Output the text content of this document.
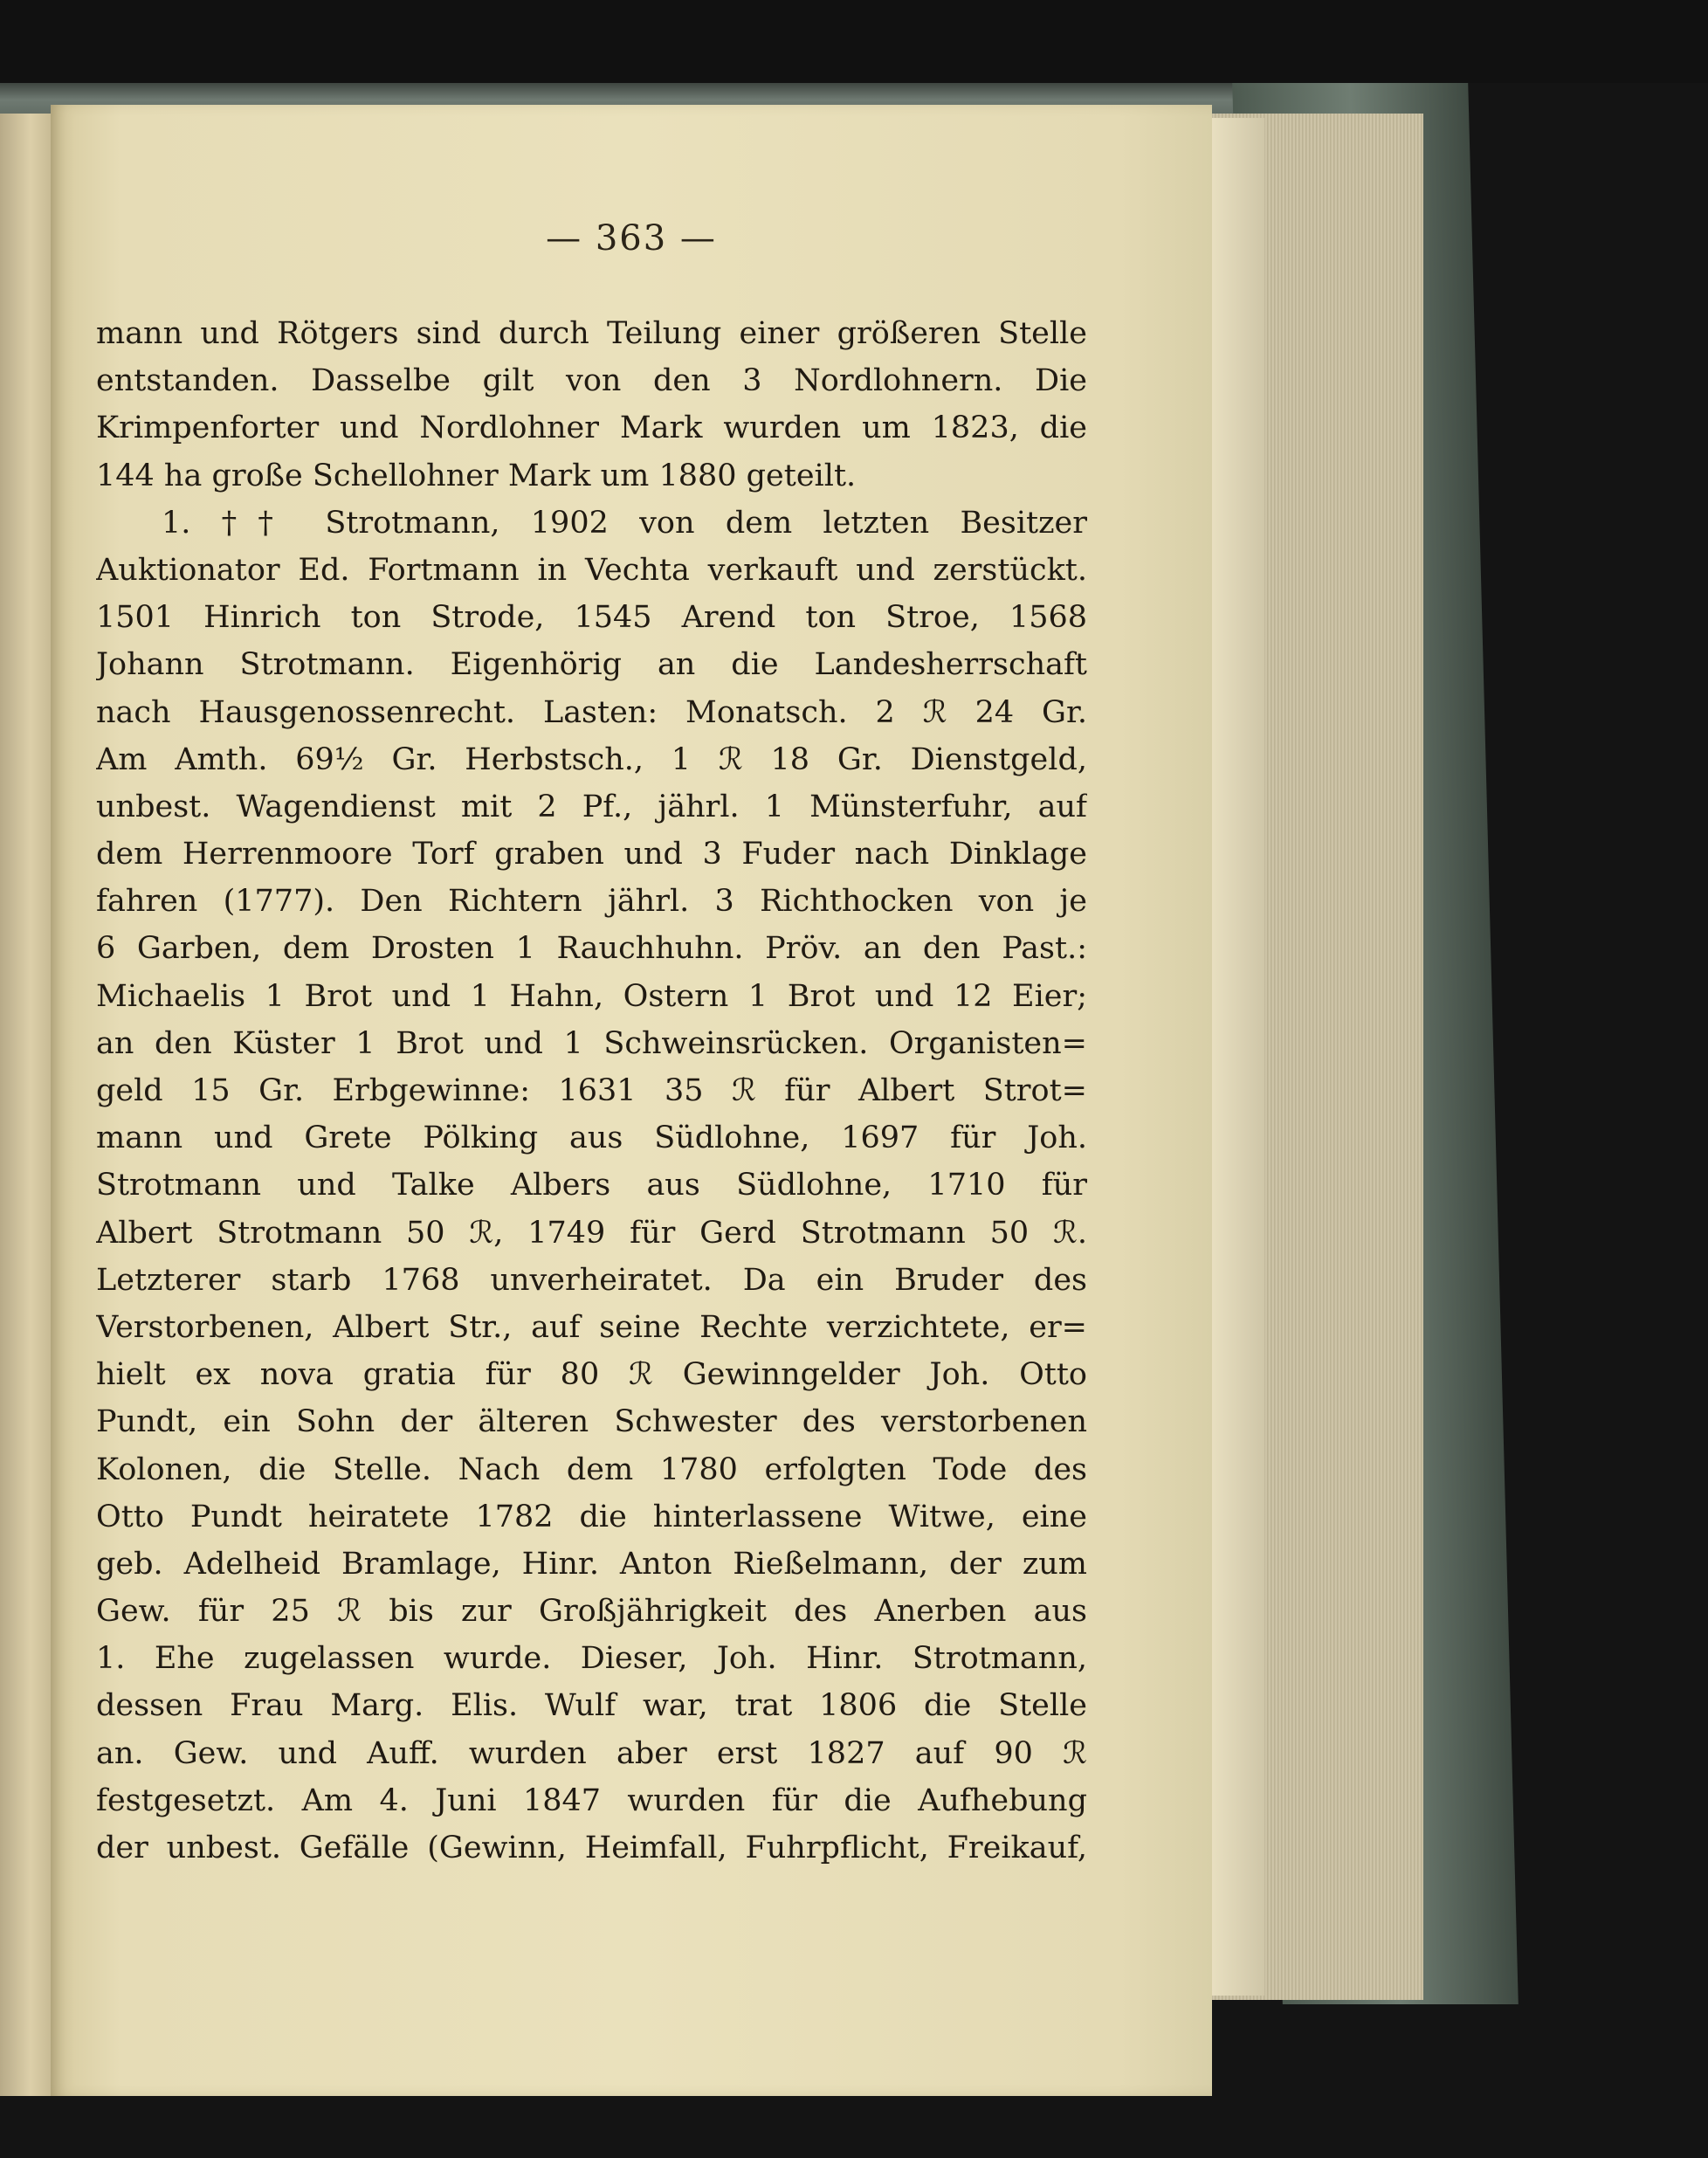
— 363 —
mann und Rötgers sind durch Teilung einer größeren Stelle
entstanden. Dasselbe gilt von den 3 Nordlohnern. Die
Krimpenforter und Nordlohner Mark wurden um 1823, die
144 ha große Schellohner Mark um 1880 geteilt.
1. †† Strotmann, 1902 von dem letzten Besitzer
Auktionator Ed. Fortmann in Vechta verkauft und zerstückt.
1501 Hinrich ton Strode, 1545 Arend ton Stroe, 1568
Johann Strotmann. Eigenhörig an die Landesherrschaft
nach Hausgenossenrecht. Lasten: Monatsch. 2 ℛ 24 Gr.
Am Amth. 69½ Gr. Herbstsch., 1 ℛ 18 Gr. Dienstgeld,
unbest. Wagendienst mit 2 Pf., jährl. 1 Münsterfuhr, auf
dem Herrenmoore Torf graben und 3 Fuder nach Dinklage
fahren (1777). Den Richtern jährl. 3 Richthocken von je
6 Garben, dem Drosten 1 Rauchhuhn. Pröv. an den Past.:
Michaelis 1 Brot und 1 Hahn, Ostern 1 Brot und 12 Eier;
an den Küster 1 Brot und 1 Schweinsrücken. Organisten=
geld 15 Gr. Erbgewinne: 1631 35 ℛ für Albert Strot=
mann und Grete Pölking aus Südlohne, 1697 für Joh.
Strotmann und Talke Albers aus Südlohne, 1710 für
Albert Strotmann 50 ℛ, 1749 für Gerd Strotmann 50 ℛ.
Letzterer starb 1768 unverheiratet. Da ein Bruder des
Verstorbenen, Albert Str., auf seine Rechte verzichtete, er=
hielt ex nova gratia für 80 ℛ Gewinngelder Joh. Otto
Pundt, ein Sohn der älteren Schwester des verstorbenen
Kolonen, die Stelle. Nach dem 1780 erfolgten Tode des
Otto Pundt heiratete 1782 die hinterlassene Witwe, eine
geb. Adelheid Bramlage, Hinr. Anton Rießelmann, der zum
Gew. für 25 ℛ bis zur Großjährigkeit des Anerben aus
1. Ehe zugelassen wurde. Dieser, Joh. Hinr. Strotmann,
dessen Frau Marg. Elis. Wulf war, trat 1806 die Stelle
an. Gew. und Auff. wurden aber erst 1827 auf 90 ℛ
festgesetzt. Am 4. Juni 1847 wurden für die Aufhebung
der unbest. Gefälle (Gewinn, Heimfall, Fuhrpflicht, Freikauf,
